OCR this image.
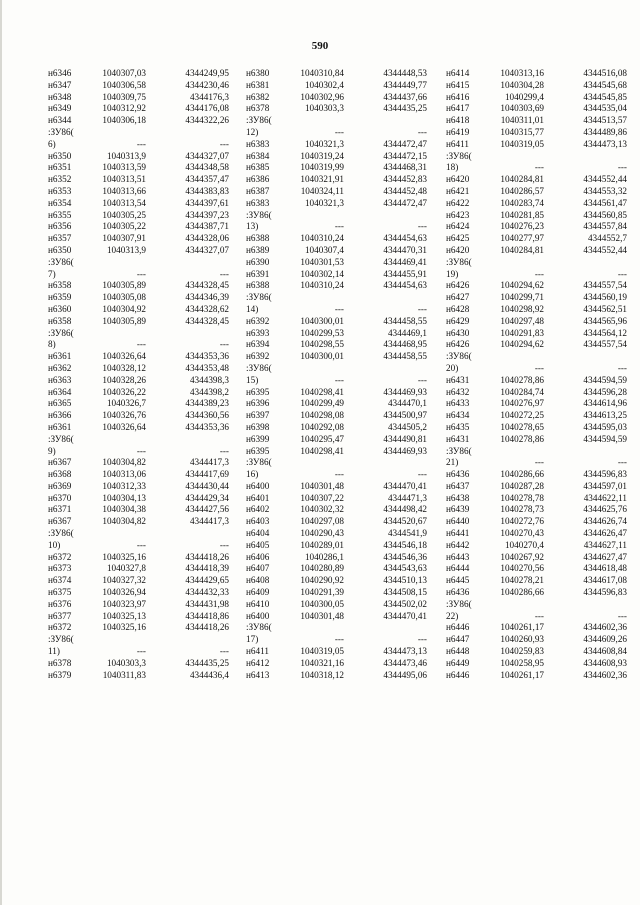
590
н6346	1040307,03	4344249,95
н6347	1040306,58	4344230,46
н6348	1040309,75	4344176,3
н6349	1040312,92	4344176,08
н6344	1040306,18	4344322,26
:ЗУ86(
6)	---	---
н6350	1040313,9	4344327,07
н6351	1040313,59	4344348,58
н6352	1040313,51	4344357,47
н6353	1040313,66	4344383,83
н6354	1040313,54	4344397,61
н6355	1040305,25	4344397,23
н6356	1040305,22	4344387,71
н6357	1040307,91	4344328,06
н6350	1040313,9	4344327,07
:ЗУ86(
7)	---	---
н6358	1040305,89	4344328,45
н6359	1040305,08	4344346,39
н6360	1040304,92	4344328,62
н6358	1040305,89	4344328,45
:ЗУ86(
8)	---	---
н6361	1040326,64	4344353,36
н6362	1040328,12	4344353,48
н6363	1040328,26	4344398,3
н6364	1040326,22	4344398,2
н6365	1040326,7	4344389,23
н6366	1040326,76	4344360,56
н6361	1040326,64	4344353,36
:ЗУ86(
9)	---	---
н6367	1040304,82	4344417,3
н6368	1040313,06	4344417,69
н6369	1040312,33	4344430,44
н6370	1040304,13	4344429,34
н6371	1040304,38	4344427,56
н6367	1040304,82	4344417,3
:ЗУ86(
10)	---	---
н6372	1040325,16	4344418,26
н6373	1040327,8	4344418,39
н6374	1040327,32	4344429,65
н6375	1040326,94	4344432,33
н6376	1040323,97	4344431,98
н6377	1040325,13	4344418,86
н6372	1040325,16	4344418,26
:ЗУ86(
11)	---	---
н6378	1040303,3	4344435,25
н6379	1040311,83	4344436,4
н6380	1040310,84	4344448,53
н6381	1040302,4	4344449,77
н6382	1040302,96	4344437,66
н6378	1040303,3	4344435,25
:ЗУ86(
12)	---	---
н6383	1040321,3	4344472,47
н6384	1040319,24	4344472,15
н6385	1040319,99	4344468,31
н6386	1040321,91	4344452,83
н6387	1040324,11	4344452,48
н6383	1040321,3	4344472,47
:ЗУ86(
13)	---	---
н6388	1040310,24	4344454,63
н6389	1040307,4	4344470,31
н6390	1040301,53	4344469,41
н6391	1040302,14	4344455,91
н6388	1040310,24	4344454,63
:ЗУ86(
14)	---	---
н6392	1040300,01	4344458,55
н6393	1040299,53	4344469,1
н6394	1040298,55	4344468,95
н6392	1040300,01	4344458,55
:ЗУ86(
15)	---	---
н6395	1040298,41	4344469,93
н6396	1040299,49	4344470,1
н6397	1040298,08	4344500,97
н6398	1040292,08	4344505,2
н6399	1040295,47	4344490,81
н6395	1040298,41	4344469,93
:ЗУ86(
16)	---	---
н6400	1040301,48	4344470,41
н6401	1040307,22	4344471,3
н6402	1040302,32	4344498,42
н6403	1040297,08	4344520,67
н6404	1040290,43	4344541,9
н6405	1040289,01	4344546,18
н6406	1040286,1	4344546,36
н6407	1040280,89	4344543,63
н6408	1040290,92	4344510,13
н6409	1040291,39	4344508,15
н6410	1040300,05	4344502,02
н6400	1040301,48	4344470,41
:ЗУ86(
17)	---	---
н6411	1040319,05	4344473,13
н6412	1040321,16	4344473,46
н6413	1040318,12	4344495,06
н6414	1040313,16	4344516,08
н6415	1040304,28	4344545,68
н6416	1040299,4	4344545,85
н6417	1040303,69	4344535,04
н6418	1040311,01	4344513,57
н6419	1040315,77	4344489,86
н6411	1040319,05	4344473,13
:ЗУ86(
18)	---	---
н6420	1040284,81	4344552,44
н6421	1040286,57	4344553,32
н6422	1040283,74	4344561,47
н6423	1040281,85	4344560,85
н6424	1040276,23	4344557,84
н6425	1040277,97	4344552,7
н6420	1040284,81	4344552,44
:ЗУ86(
19)	---	---
н6426	1040294,62	4344557,54
н6427	1040299,71	4344560,19
н6428	1040298,92	4344562,51
н6429	1040297,48	4344565,96
н6430	1040291,83	4344564,12
н6426	1040294,62	4344557,54
:ЗУ86(
20)	---	---
н6431	1040278,86	4344594,59
н6432	1040284,74	4344596,28
н6433	1040276,97	4344614,96
н6434	1040272,25	4344613,25
н6435	1040278,65	4344595,03
н6431	1040278,86	4344594,59
:ЗУ86(
21)	---	---
н6436	1040286,66	4344596,83
н6437	1040287,28	4344597,01
н6438	1040278,78	4344622,11
н6439	1040278,73	4344625,76
н6440	1040272,76	4344626,74
н6441	1040270,43	4344626,47
н6442	1040270,4	4344627,11
н6443	1040267,92	4344627,47
н6444	1040270,56	4344618,48
н6445	1040278,21	4344617,08
н6436	1040286,66	4344596,83
:ЗУ86(
22)	---	---
н6446	1040261,17	4344602,36
н6447	1040260,93	4344609,26
н6448	1040259,83	4344608,84
н6449	1040258,95	4344608,93
н6446	1040261,17	4344602,36
